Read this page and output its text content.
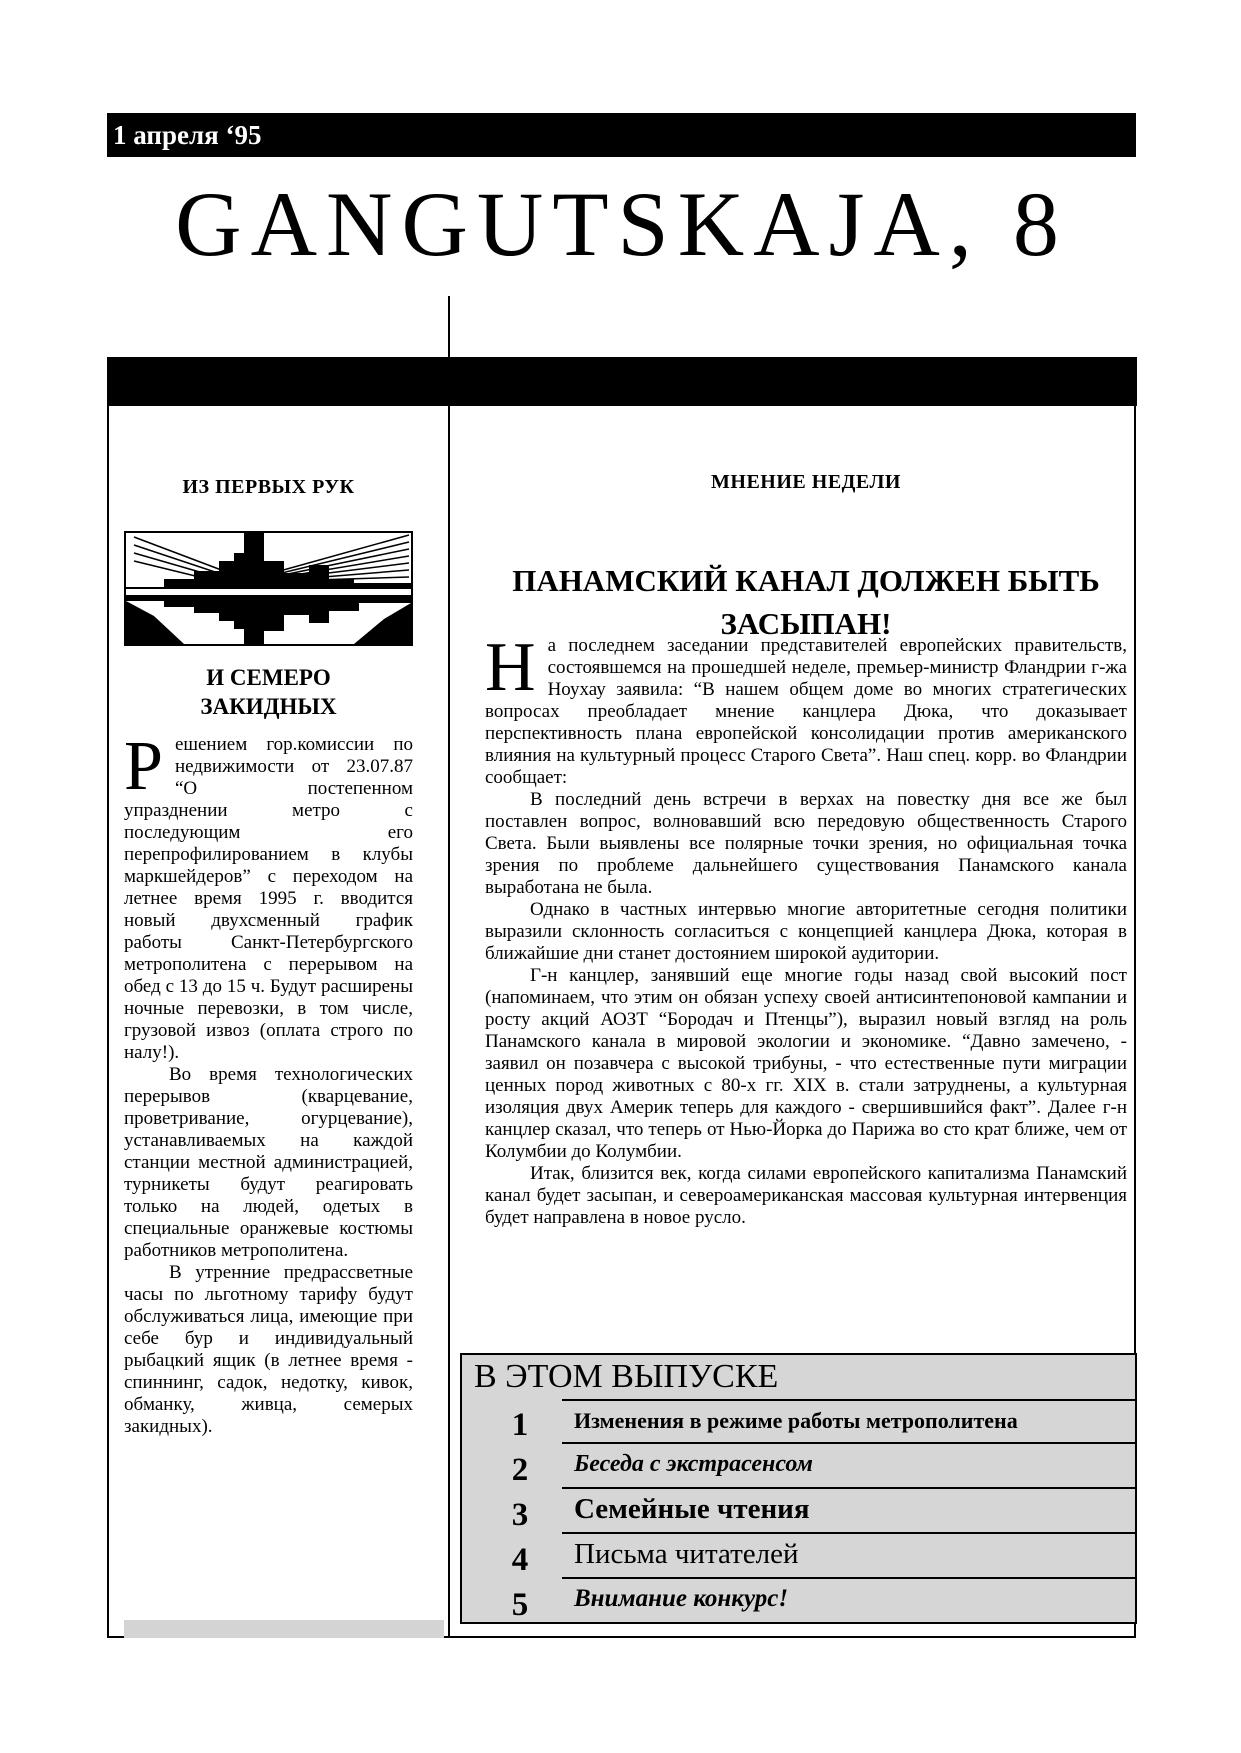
1 апреля ‘95
GANGUTSKAJA, 8
ИЗ ПЕРВЫХ РУК
И СЕМЕРО
ЗАКИДНЫХ

Решением гор.комиссии по недвижимости от 23.07.87 “О постепенном упразднении метро с последующим его перепрофилированием в клубы маркшейдеров” с переходом на летнее время 1995 г. вводится новый двухсменный график работы Санкт-Петербургского метрополитена с перерывом на обед с 13 до 15 ч. Будут расширены ночные перевозки, в том числе, грузовой извоз (оплата строго по налу!).

Во время технологических перерывов (кварцевание, проветривание, огурцевание), устанавливаемых на каждой станции местной администрацией, турникеты будут реагировать только на людей, одетых в специальные оранжевые костюмы работников метрополитена.

В утренние предрассветные часы по льготному тарифу будут обслуживаться лица, имеющие при себе бур и индивидуальный рыбацкий ящик (в летнее время - спиннинг, садок, недотку, кивок, обманку, живца, семерых закидных).

МНЕНИЕ НЕДЕЛИ
ПАНАМСКИЙ КАНАЛ ДОЛЖЕН БЫТЬ
ЗАСЫПАН!

На последнем заседании представителей европейских правительств, состоявшемся на прошедшей неделе, премьер-министр Фландрии г-жа Ноухау заявила: “В нашем общем доме во многих стратегических вопросах преобладает мнение канцлера Дюка, что доказывает перспективность плана европейской консолидации против американского влияния на культурный процесс Старого Света”. Наш спец. корр. во Фландрии сообщает:

В последний день встречи в верхах на повестку дня все же был поставлен вопрос, волновавший всю передовую общественность Старого Света. Были выявлены все полярные точки зрения, но официальная точка зрения по проблеме дальнейшего существования Панамского канала выработана не была.

Однако в частных интервью многие авторитетные сегодня политики выразили склонность согласиться с концепцией канцлера Дюка, которая в ближайшие дни станет достоянием широкой аудитории.

Г-н канцлер, занявший еще многие годы назад свой высокий пост (напоминаем, что этим он обязан успеху своей антисинтепоновой кампании и росту акций АОЗТ “Бородач и Птенцы”), выразил новый взгляд на роль Панамского канала в мировой экологии и экономике. “Давно замечено, - заявил он позавчера с высокой трибуны, - что естественные пути миграции ценных пород животных с 80-х гг. XIX в. стали затруднены, а культурная изоляция двух Америк теперь для каждого - свершившийся факт”. Далее г-н канцлер сказал, что теперь от Нью-Йорка до Парижа во сто крат ближе, чем от Колумбии до Колумбии.

Итак, близится век, когда силами европейского капитализма Панамский канал будет засыпан, и североамериканская массовая культурная интервенция будет направлена в новое русло.

В ЭТОМ ВЫПУСКЕ
1	Изменения в режиме работы метрополитена
2	Беседа с экстрасенсом
3	Семейные чтения
4	Письма читателей
5	Внимание конкурс!
